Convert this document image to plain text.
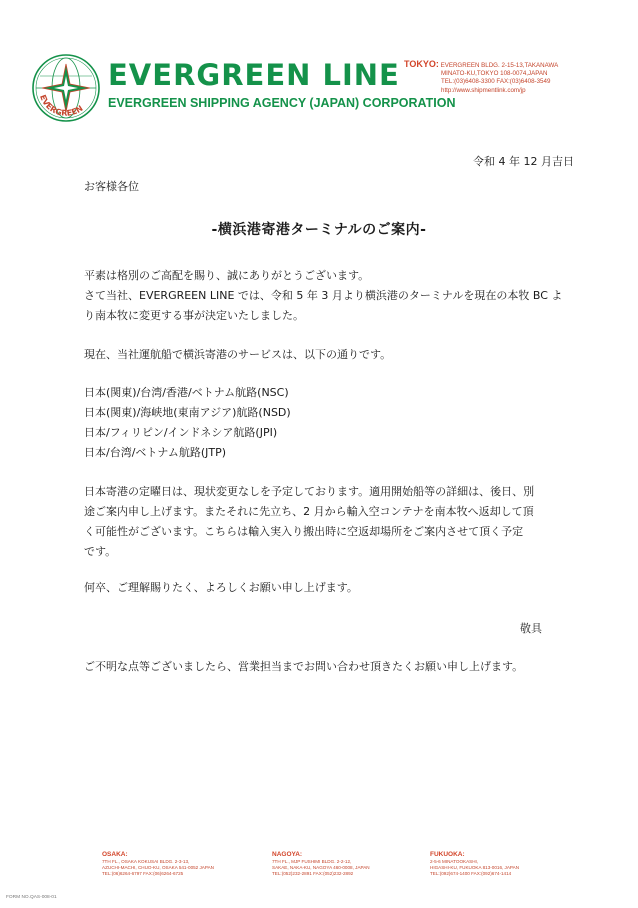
EVERGREEN
EVERGREEN LINE
EVERGREEN SHIPPING AGENCY (JAPAN) CORPORATION
TOKYO: EVERGREEN BLDG. 2-15-13,TAKANAWA
MINATO-KU,TOKYO 108-0074,JAPAN
TEL:(03)6408-3300 FAX:(03)6408-3549
http://www.shipmentlink.com/jp
令和 4 年 12 月吉日
お客様各位
-横浜港寄港ターミナルのご案内-
平素は格別のご高配を賜り、誠にありがとうございます。
さて当社、EVERGREEN LINE では、令和 5 年 3 月より横浜港のターミナルを現在の本牧 BC よ
り南本牧に変更する事が決定いたしました。
現在、当社運航船で横浜寄港のサービスは、以下の通りです。
日本(関東)/台湾/香港/ベトナム航路(NSC)
日本(関東)/海峡地(東南アジア)航路(NSD)
日本/フィリピン/インドネシア航路(JPI)
日本/台湾/ベトナム航路(JTP)
日本寄港の定曜日は、現状変更なしを予定しております。適用開始船等の詳細は、後日、別
途ご案内申し上げます。またそれに先立ち、2 月から輸入空コンテナを南本牧へ返却して頂
く可能性がございます。こちらは輸入実入り搬出時に空返却場所をご案内させて頂く予定
です。
何卒、ご理解賜りたく、よろしくお願い申し上げます。
敬具
ご不明な点等ございましたら、営業担当までお問い合わせ頂きたくお願い申し上げます。
OSAKA:
7TH FL., OSAKA KOKUSAI BLDG. 2-3-13,
AZUCHI-MACHI, CHUO-KU, OSAKA 541-0052 JAPAN
TEL:(06)6264-6797 FAX:(06)6264-6725
NAGOYA:
7TH FL., MJP FUSHIMI BLDG. 2-2-12,
SAKAE, NAKA-KU, NAGOYA 460-0008, JAPAN
TEL:(052)232-2891 FAX:(052)232-2892
FUKUOKA:
2-5-6 MINATOOKASHI,
HIGASHI-KU, FUKUOKA 813-0016, JAPAN
TEL:(092)674-1400 FAX:(092)674-1414
FORM NO.QAS-008-01
